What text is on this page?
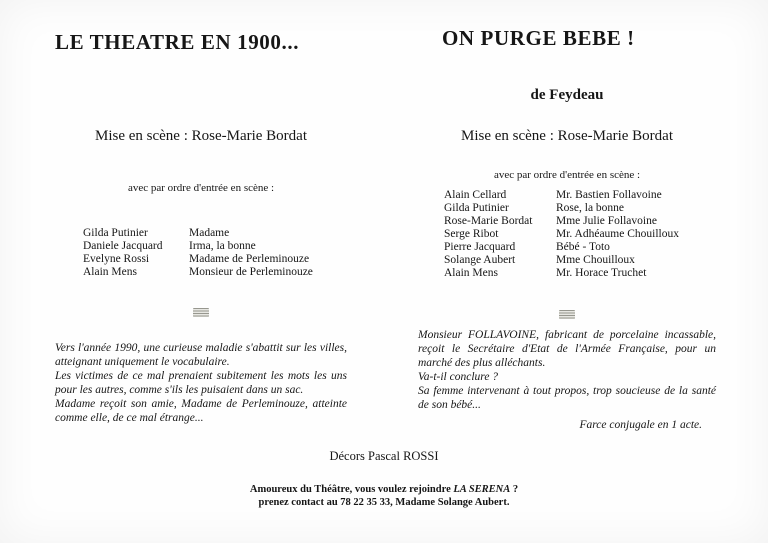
LE THEATRE EN 1900...
Mise en scène : Rose-Marie Bordat
avec par ordre d'entrée en scène :
Gilda Putinier	Madame
Daniele Jacquard	Irma, la bonne
Evelyne Rossi	Madame de Perleminouze
Alain Mens	Monsieur de Perleminouze

Vers l'année 1990, une curieuse maladie s'abattit sur les villes, atteignant uniquement le vocabulaire.

Les victimes de ce mal prenaient subitement les mots les uns pour les autres, comme s'ils les puisaient dans un sac.

Madame reçoit son amie, Madame de Perleminouze, atteinte comme elle, de ce mal étrange...

ON PURGE BEBE !
de Feydeau
Mise en scène : Rose-Marie Bordat
avec par ordre d'entrée en scène :
Alain Cellard	Mr. Bastien Follavoine
Gilda Putinier	Rose, la bonne
Rose-Marie Bordat	Mme Julie Follavoine
Serge Ribot	Mr. Adhéaume Chouilloux
Pierre Jacquard	Bébé - Toto
Solange Aubert	Mme Chouilloux
Alain Mens	Mr. Horace Truchet

Monsieur FOLLAVOINE, fabricant de porcelaine incassable, reçoit le Secrétaire d'Etat de l'Armée Française, pour un marché des plus alléchants.

Va-t-il conclure ?

Sa femme intervenant à tout propos, trop soucieuse de la santé de son bébé...

Farce conjugale en 1 acte.
Décors Pascal ROSSI
Amoureux du Théâtre, vous voulez rejoindre LA SERENA ?
prenez contact au 78 22 35 33, Madame Solange Aubert.
